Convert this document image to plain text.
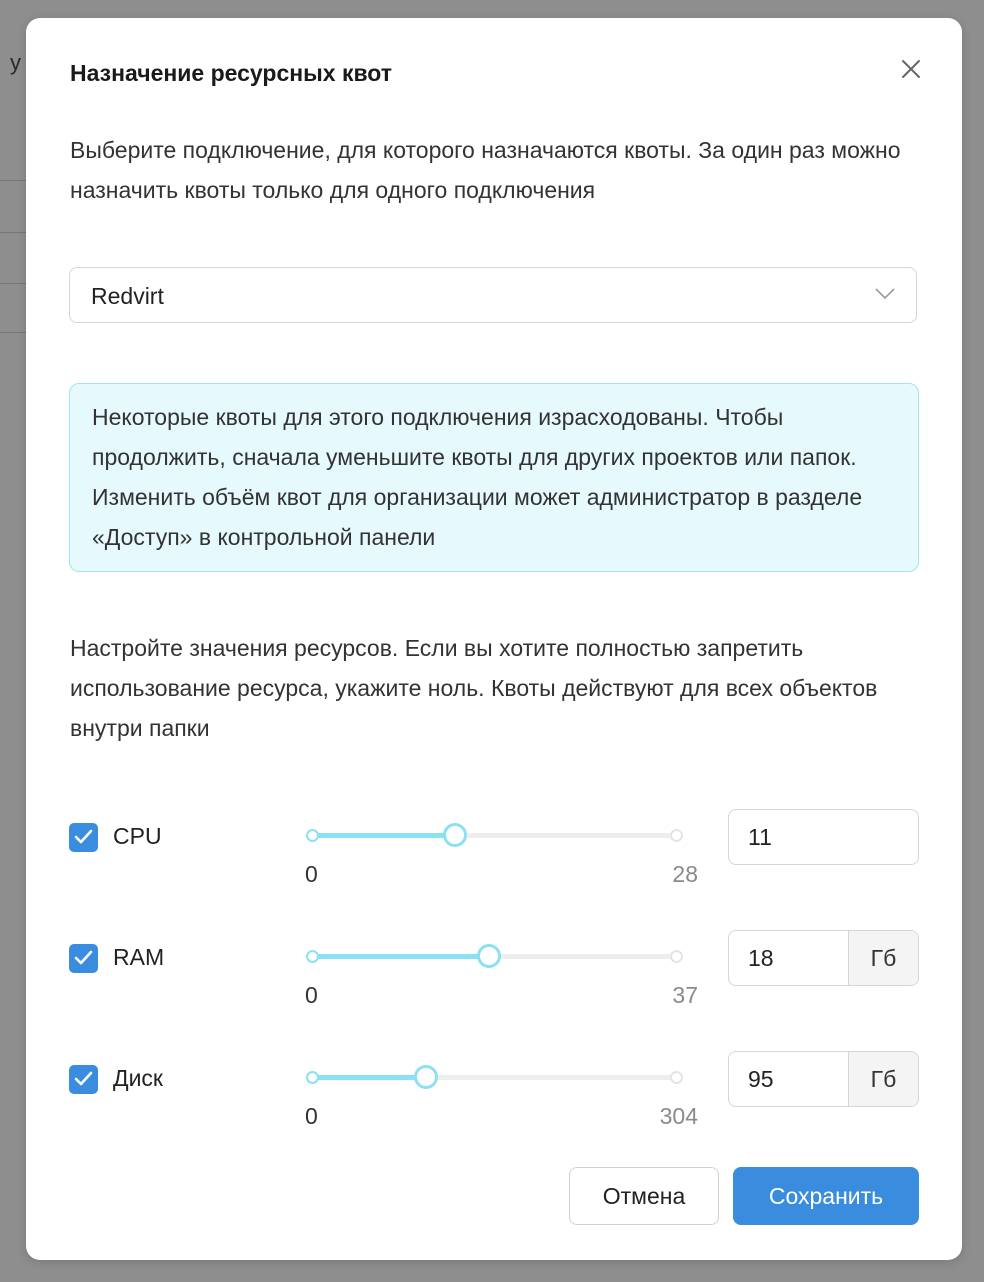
у Назначение ресурсных квот
Выберите подключение, для которого назначаются квоты. За один раз можно назначить квоты только для одного подключения
Redvirt
Некоторые квоты для этого подключения израсходованы. Чтобы продолжить, сначала уменьшите квоты для других проектов или папок. Изменить объём квот для организации может администратор в разделе «Доступ» в контрольной панели
Настройте значения ресурсов. Если вы хотите полностью запретить использование ресурса, укажите ноль. Квоты действуют для всех объектов внутри папки
CPU
0	28
11
RAM
0	37
18	Гб
Диск
0	304
95	Гб
Отмена	Сохранить
